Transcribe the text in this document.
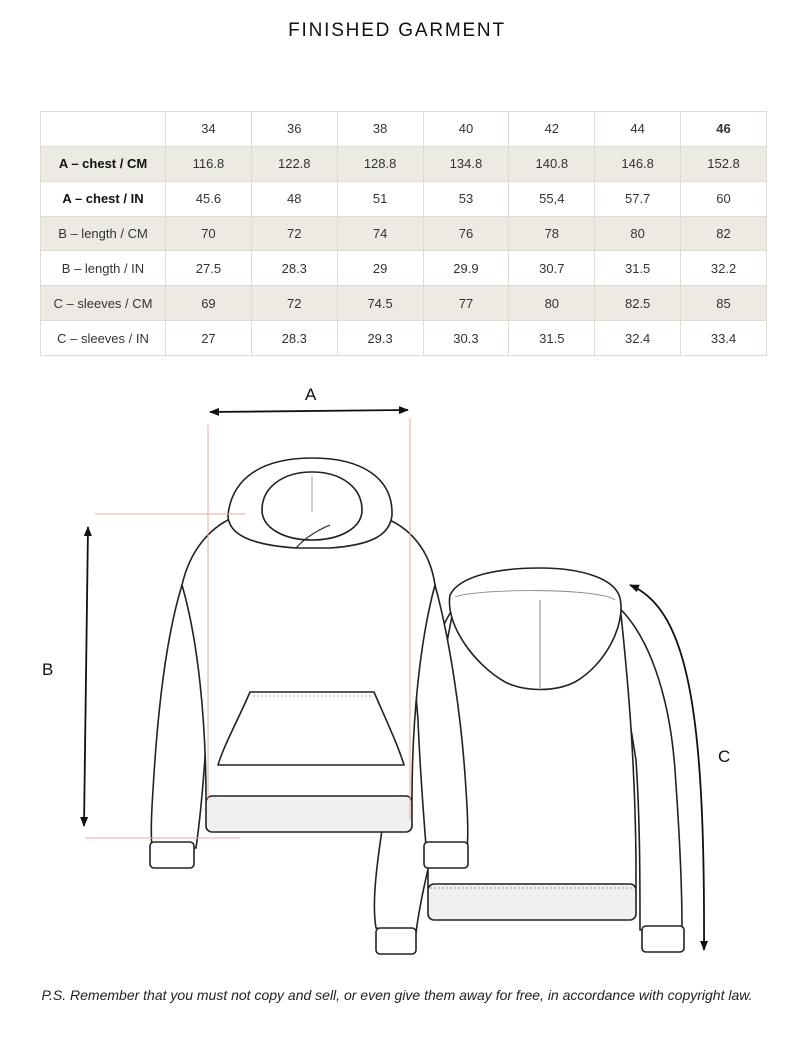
FINISHED GARMENT
	34	36	38	40	42	44	46
A – chest / CM	116.8	122.8	128.8	134.8	140.8	146.8	152.8
A – chest / IN	45.6	48	51	53	55,4	57.7	60
B – length / CM	70	72	74	76	78	80	82
B – length / IN	27.5	28.3	29	29.9	30.7	31.5	32.2
C – sleeves / CM	69	72	74.5	77	80	82.5	85
C – sleeves / IN	27	28.3	29.3	30.3	31.5	32.4	33.4
A
B
C
P.S. Remember that you must not copy and sell, or even give them away for free, in accordance with copyright law.
